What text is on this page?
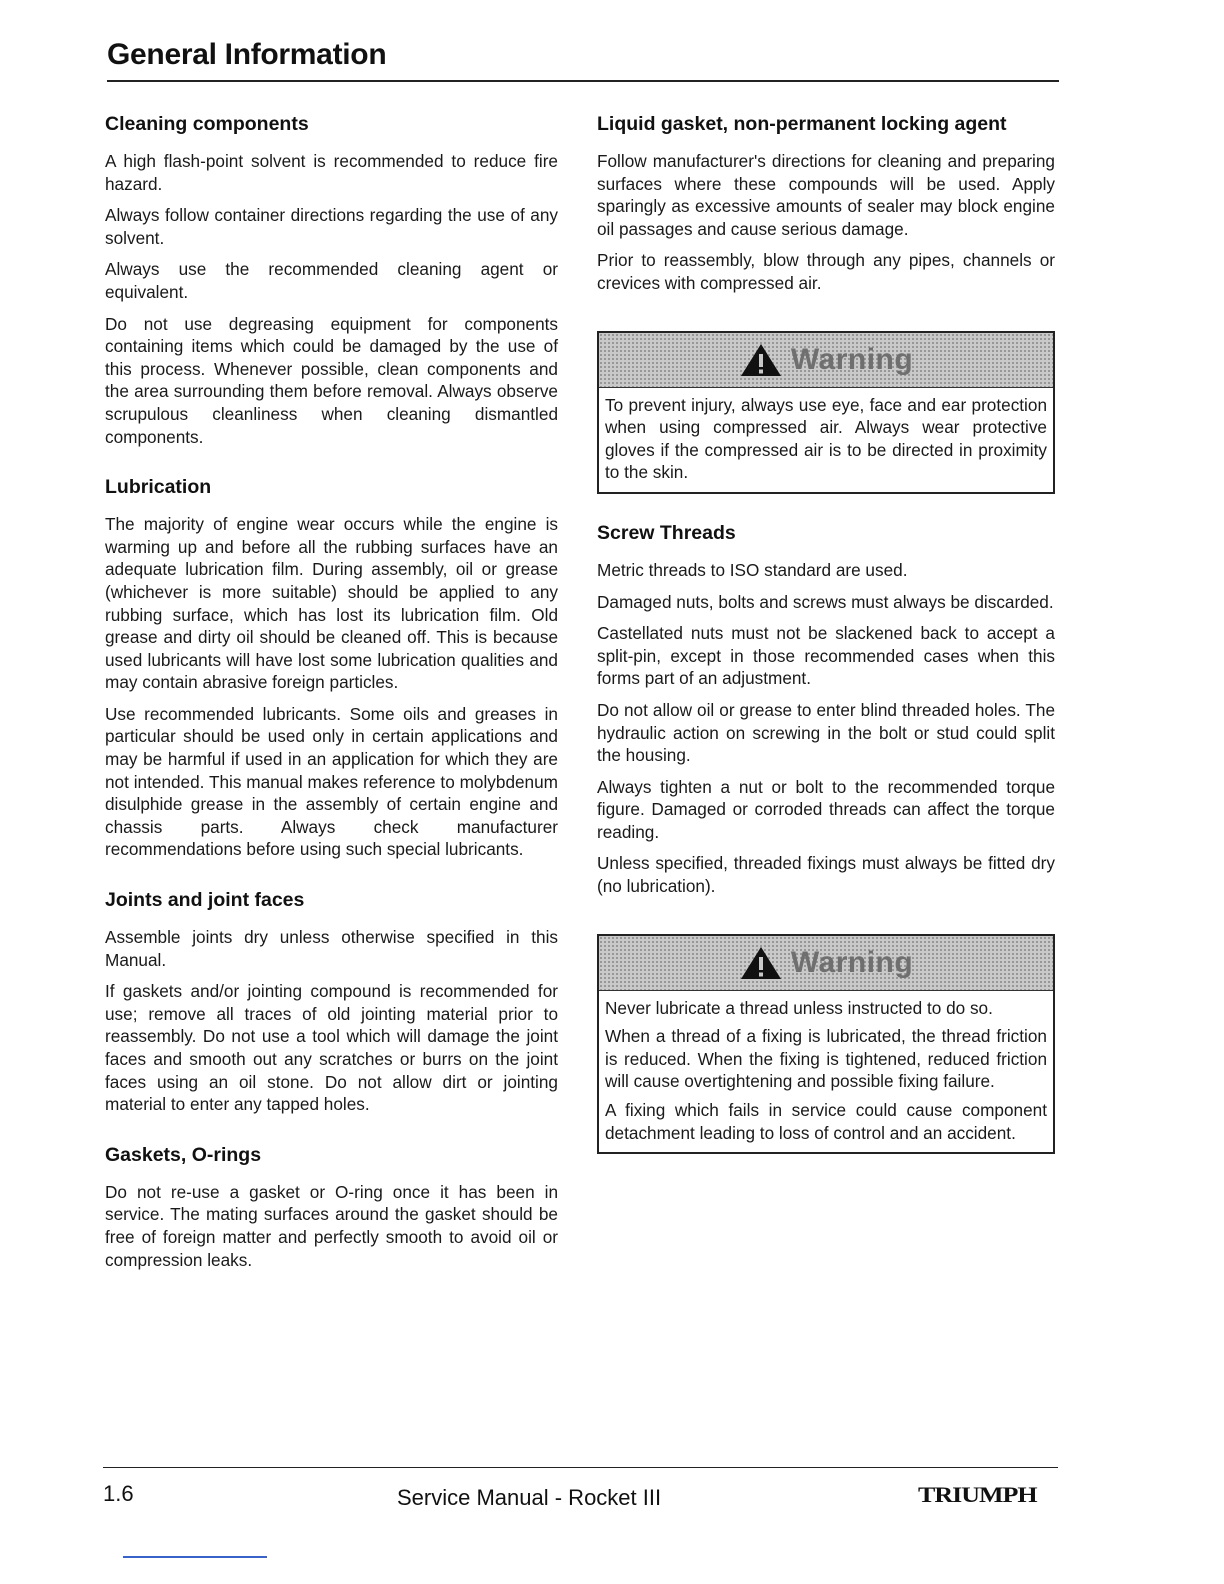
General Information
Cleaning components

A high flash-point solvent is recommended to reduce fire hazard.

Always follow container directions regarding the use of any solvent.

Always use the recommended cleaning agent or equivalent.

Do not use degreasing equipment for components containing items which could be damaged by the use of this process. Whenever possible, clean components and the area surrounding them before removal. Always observe scrupulous cleanliness when cleaning dismantled components.

Lubrication

The majority of engine wear occurs while the engine is warming up and before all the rubbing surfaces have an adequate lubrication film. During assembly, oil or grease (whichever is more suitable) should be applied to any rubbing surface, which has lost its lubrication film. Old grease and dirty oil should be cleaned off. This is because used lubricants will have lost some lubrication qualities and may contain abrasive foreign particles.

Use recommended lubricants. Some oils and greases in particular should be used only in certain applications and may be harmful if used in an application for which they are not intended. This manual makes reference to molybdenum disulphide grease in the assembly of certain engine and chassis parts. Always check manufacturer recommendations before using such special lubricants.

Joints and joint faces

Assemble joints dry unless otherwise specified in this Manual.

If gaskets and/or jointing compound is recommended for use; remove all traces of old jointing material prior to reassembly. Do not use a tool which will damage the joint faces and smooth out any scratches or burrs on the joint faces using an oil stone. Do not allow dirt or jointing material to enter any tapped holes.

Gaskets, O-rings

Do not re-use a gasket or O-ring once it has been in service. The mating surfaces around the gasket should be free of foreign matter and perfectly smooth to avoid oil or compression leaks.

Liquid gasket, non-permanent locking agent

Follow manufacturer's directions for cleaning and preparing surfaces where these compounds will be used. Apply sparingly as excessive amounts of sealer may block engine oil passages and cause serious damage.

Prior to reassembly, blow through any pipes, channels or crevices with compressed air.

Warning

To prevent injury, always use eye, face and ear protection when using compressed air. Always wear protective gloves if the compressed air is to be directed in proximity to the skin.

Screw Threads

Metric threads to ISO standard are used.

Damaged nuts, bolts and screws must always be discarded.

Castellated nuts must not be slackened back to accept a split-pin, except in those recommended cases when this forms part of an adjustment.

Do not allow oil or grease to enter blind threaded holes. The hydraulic action on screwing in the bolt or stud could split the housing.

Always tighten a nut or bolt to the recommended torque figure. Damaged or corroded threads can affect the torque reading.

Unless specified, threaded fixings must always be fitted dry (no lubrication).

Warning

Never lubricate a thread unless instructed to do so.

When a thread of a fixing is lubricated, the thread friction is reduced. When the fixing is tightened, reduced friction will cause overtightening and possible fixing failure.

A fixing which fails in service could cause component detachment leading to loss of control and an accident.

1.6	Service Manual - Rocket III	TRIUMPH
